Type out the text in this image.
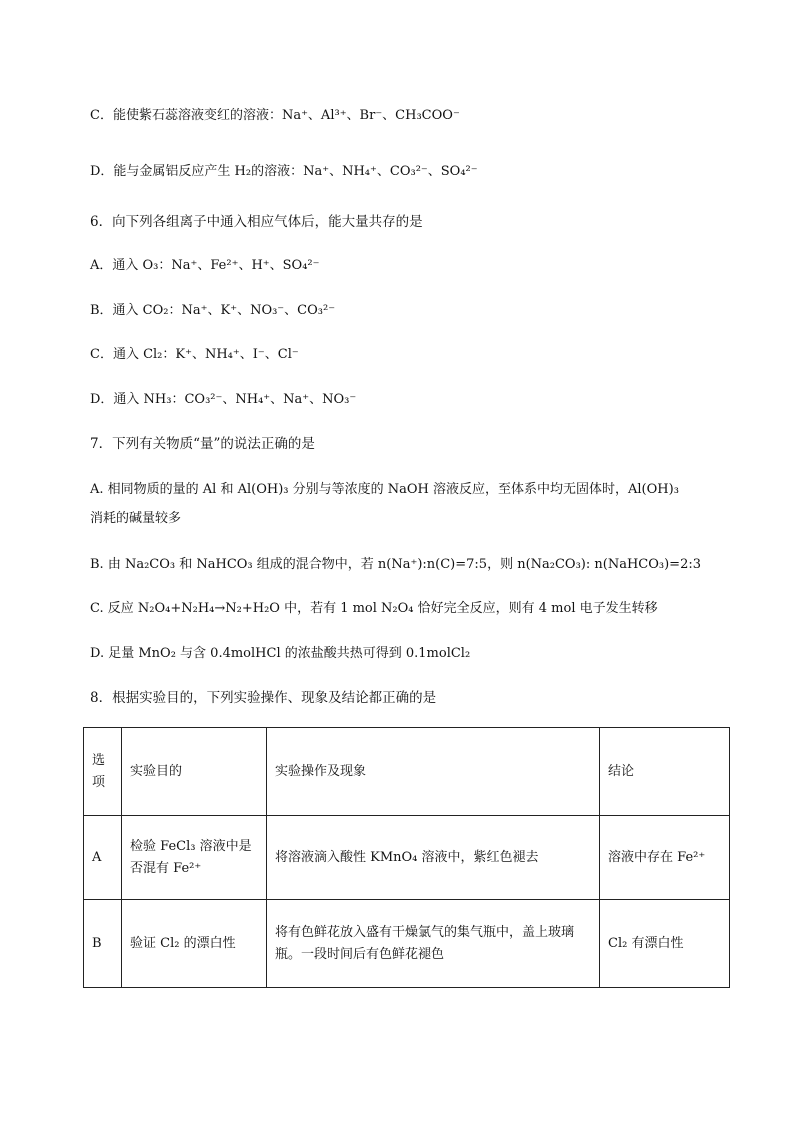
C．能使紫石蕊溶液变红的溶液：Na⁺、Al³⁺、Br⁻、CH₃COO⁻
D．能与金属铝反应产生 H₂的溶液：Na⁺、NH₄⁺、CO₃²⁻、SO₄²⁻
6．向下列各组离子中通入相应气体后，能大量共存的是
A．通入 O₃：Na⁺、Fe²⁺、H⁺、SO₄²⁻
B．通入 CO₂：Na⁺、K⁺、NO₃⁻、CO₃²⁻
C．通入 Cl₂：K⁺、NH₄⁺、I⁻、Cl⁻
D．通入 NH₃：CO₃²⁻、NH₄⁺、Na⁺、NO₃⁻
7．下列有关物质“量”的说法正确的是
A. 相同物质的量的 Al 和 Al(OH)₃ 分别与等浓度的 NaOH 溶液反应，至体系中均无固体时，Al(OH)₃
消耗的碱量较多
B. 由 Na₂CO₃ 和 NaHCO₃ 组成的混合物中，若 n(Na⁺):n(C)=7:5，则 n(Na₂CO₃): n(NaHCO₃)=2:3
C. 反应 N₂O₄+N₂H₄→N₂+H₂O 中，若有 1 mol N₂O₄ 恰好完全反应，则有 4 mol 电子发生转移
D. 足量 MnO₂ 与含 0.4molHCl 的浓盐酸共热可得到 0.1molCl₂
8．根据实验目的，下列实验操作、现象及结论都正确的是
选项	实验目的	实验操作及现象	结论
A	检验 FeCl₃ 溶液中是否混有 Fe²⁺	将溶液滴入酸性 KMnO₄ 溶液中，紫红色褪去	溶液中存在 Fe²⁺
B	验证 Cl₂ 的漂白性	将有色鲜花放入盛有干燥氯气的集气瓶中，盖上玻璃瓶。一段时间后有色鲜花褪色	Cl₂ 有漂白性
